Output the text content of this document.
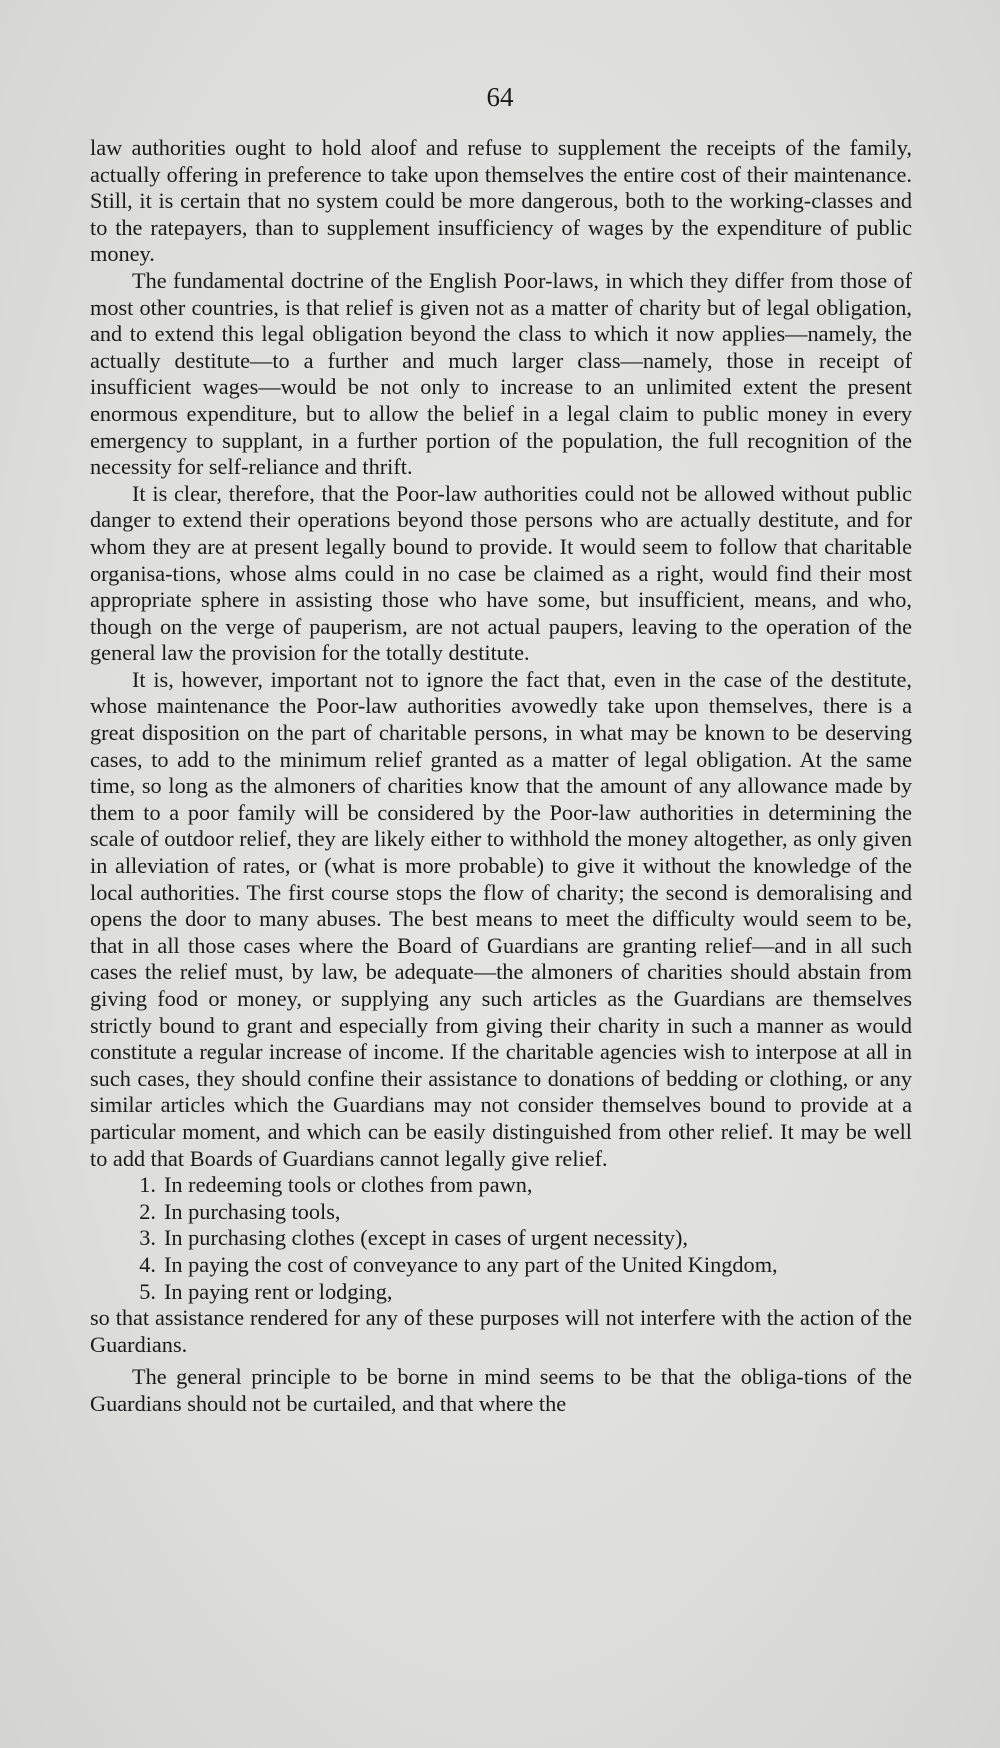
64

law authorities ought to hold aloof and refuse to supplement the receipts of the family, actually offering in preference to take upon themselves the entire cost of their maintenance. Still, it is certain that no system could be more dangerous, both to the working-classes and to the ratepayers, than to supplement insufficiency of wages by the expenditure of public money.

The fundamental doctrine of the English Poor-laws, in which they differ from those of most other countries, is that relief is given not as a matter of charity but of legal obligation, and to extend this legal obligation beyond the class to which it now applies—namely, the actually destitute—to a further and much larger class—namely, those in receipt of insufficient wages—would be not only to increase to an unlimited extent the present enormous expenditure, but to allow the belief in a legal claim to public money in every emergency to supplant, in a further portion of the population, the full recognition of the necessity for self-reliance and thrift.

It is clear, therefore, that the Poor-law authorities could not be allowed without public danger to extend their operations beyond those persons who are actually destitute, and for whom they are at present legally bound to provide. It would seem to follow that charitable organisa-tions, whose alms could in no case be claimed as a right, would find their most appropriate sphere in assisting those who have some, but insufficient, means, and who, though on the verge of pauperism, are not actual paupers, leaving to the operation of the general law the provision for the totally destitute.

It is, however, important not to ignore the fact that, even in the case of the destitute, whose maintenance the Poor-law authorities avowedly take upon themselves, there is a great disposition on the part of charitable persons, in what may be known to be deserving cases, to add to the minimum relief granted as a matter of legal obligation. At the same time, so long as the almoners of charities know that the amount of any allowance made by them to a poor family will be considered by the Poor-law authorities in determining the scale of outdoor relief, they are likely either to withhold the money altogether, as only given in alleviation of rates, or (what is more probable) to give it without the knowledge of the local authorities. The first course stops the flow of charity; the second is demoralising and opens the door to many abuses. The best means to meet the difficulty would seem to be, that in all those cases where the Board of Guardians are granting relief—and in all such cases the relief must, by law, be adequate—the almoners of charities should abstain from giving food or money, or supplying any such articles as the Guardians are themselves strictly bound to grant and especially from giving their charity in such a manner as would constitute a regular increase of income. If the charitable agencies wish to interpose at all in such cases, they should confine their assistance to donations of bedding or clothing, or any similar articles which the Guardians may not consider themselves bound to provide at a particular moment, and which can be easily distinguished from other relief. It may be well to add that Boards of Guardians cannot legally give relief.

1. In redeeming tools or clothes from pawn,
2. In purchasing tools,
3. In purchasing clothes (except in cases of urgent necessity),
4. In paying the cost of conveyance to any part of the United Kingdom,
5. In paying rent or lodging,

so that assistance rendered for any of these purposes will not interfere with the action of the Guardians.

The general principle to be borne in mind seems to be that the obliga-tions of the Guardians should not be curtailed, and that where the
